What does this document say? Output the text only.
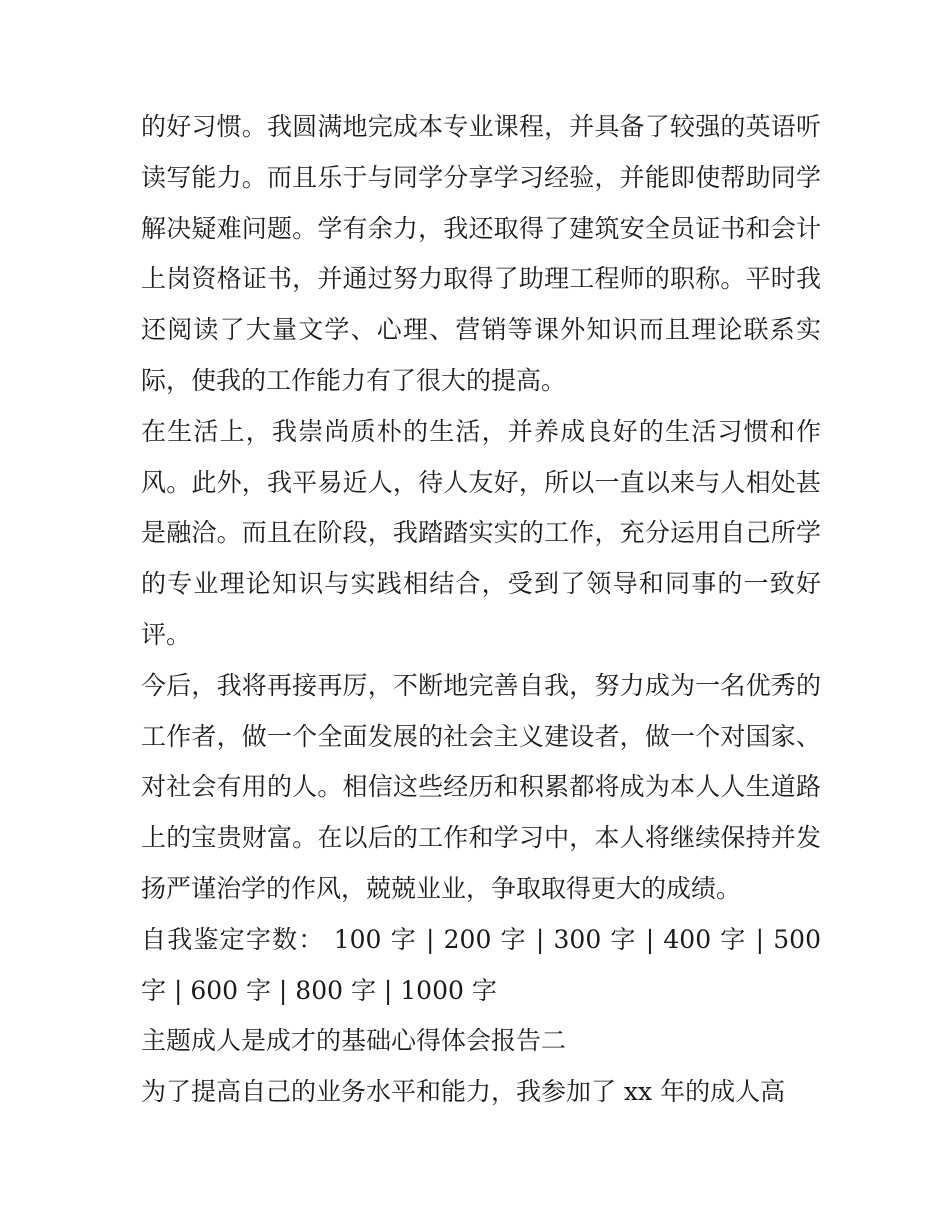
的好习惯。我圆满地完成本专业课程，并具备了较强的英语听读写能力。而且乐于与同学分享学习经验，并能即使帮助同学解决疑难问题。学有余力，我还取得了建筑安全员证书和会计上岗资格证书，并通过努力取得了助理工程师的职称。平时我还阅读了大量文学、心理、营销等课外知识而且理论联系实际，使我的工作能力有了很大的提高。

在生活上，我崇尚质朴的生活，并养成良好的生活习惯和作风。此外，我平易近人，待人友好，所以一直以来与人相处甚是融洽。而且在阶段，我踏踏实实的工作，充分运用自己所学的专业理论知识与实践相结合，受到了领导和同事的一致好评。

今后，我将再接再厉，不断地完善自我，努力成为一名优秀的工作者，做一个全面发展的社会主义建设者，做一个对国家、对社会有用的人。相信这些经历和积累都将成为本人人生道路上的宝贵财富。在以后的工作和学习中，本人将继续保持并发扬严谨治学的作风，兢兢业业，争取取得更大的成绩。

自我鉴定字数： 100 字 | 200 字 | 300 字 | 400 字 | 500 字 | 600 字 | 800 字 | 1000 字

主题成人是成才的基础心得体会报告二

为了提高自己的业务水平和能力，我参加了 xx 年的成人高
